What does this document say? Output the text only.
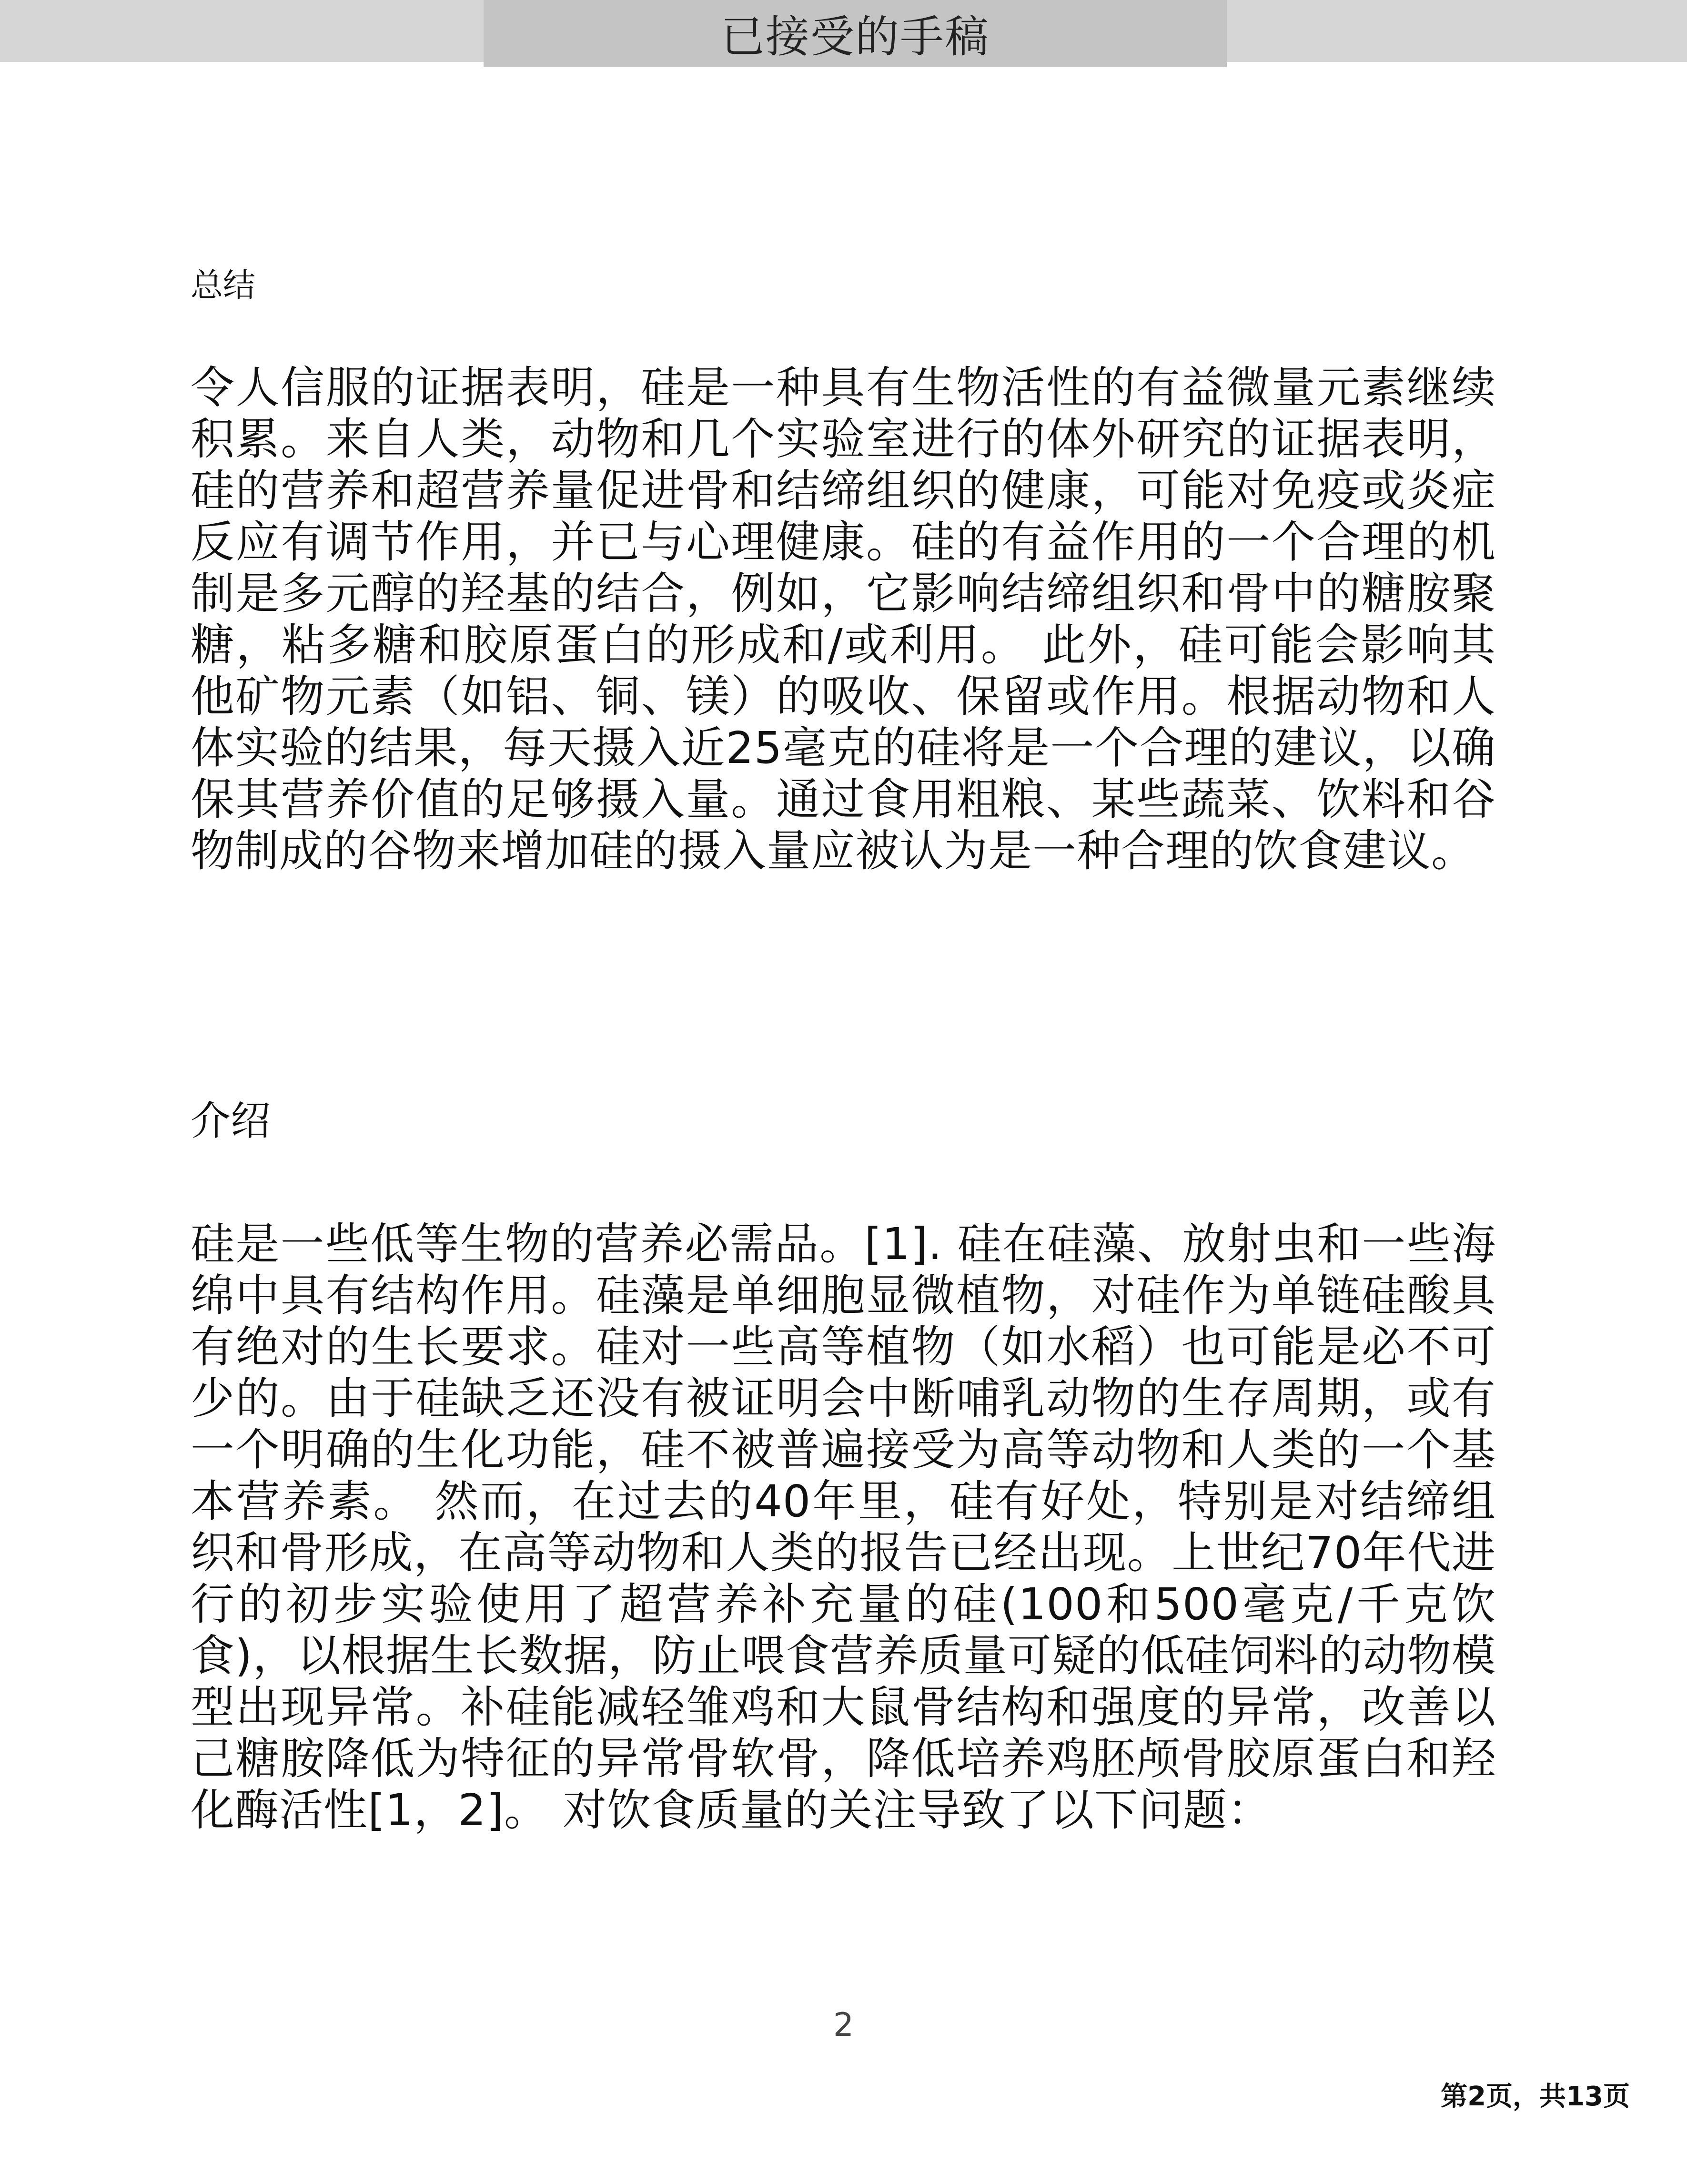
已接受的手稿
总结

令人信服的证据表明，硅是一种具有生物活性的有益微量元素继续积累。来自人类，动物和几个实验室进行的体外研究的证据表明，硅的营养和超营养量促进骨和结缔组织的健康，可能对免疫或炎症反应有调节作用，并已与心理健康。硅的有益作用的一个合理的机制是多元醇的羟基的结合，例如，它影响结缔组织和骨中的糖胺聚糖，粘多糖和胶原蛋白的形成和/或利用。 此外，硅可能会影响其他矿物元素（如铝、铜、镁）的吸收、保留或作用。根据动物和人体实验的结果，每天摄入近25毫克的硅将是一个合理的建议，以确保其营养价值的足够摄入量。通过食用粗粮、某些蔬菜、饮料和谷物制成的谷物来增加硅的摄入量应被认为是一种合理的饮食建议。

介绍

硅是一些低等生物的营养必需品。[1]. 硅在硅藻、放射虫和一些海绵中具有结构作用。硅藻是单细胞显微植物，对硅作为单链硅酸具有绝对的生长要求。硅对一些高等植物（如水稻）也可能是必不可少的。由于硅缺乏还没有被证明会中断哺乳动物的生存周期，或有一个明确的生化功能，硅不被普遍接受为高等动物和人类的一个基本营养素。 然而，在过去的40年里，硅有好处，特别是对结缔组织和骨形成，在高等动物和人类的报告已经出现。上世纪70年代进行的初步实验使用了超营养补充量的硅(100和500毫克/千克饮食)，以根据生长数据，防止喂食营养质量可疑的低硅饲料的动物模型出现异常。补硅能减轻雏鸡和大鼠骨结构和强度的异常，改善以己糖胺降低为特征的异常骨软骨，降低培养鸡胚颅骨胶原蛋白和羟化酶活性[1，2]。 对饮食质量的关注导致了以下问题：

2
第2页，共13页
